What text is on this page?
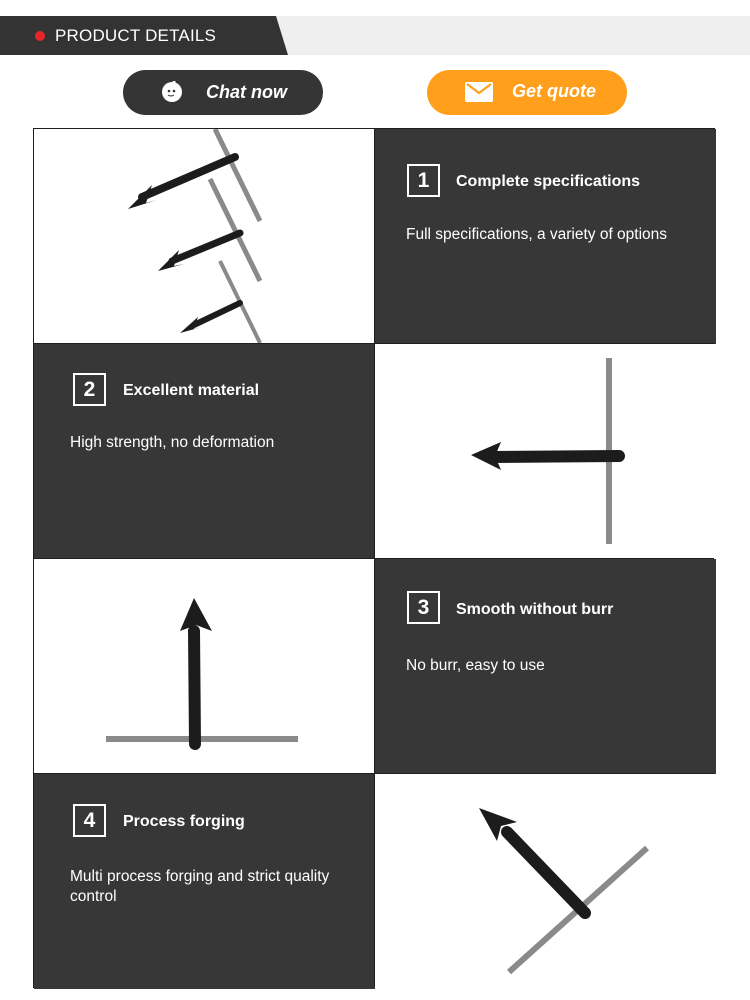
PRODUCT DETAILS
Chat now	Get quote
1	Complete specifications
Full specifications, a variety of options
2	Excellent material
High strength, no deformation
3	Smooth without burr
No burr, easy to use
4	Process forging
Multi process forging and strict quality control
